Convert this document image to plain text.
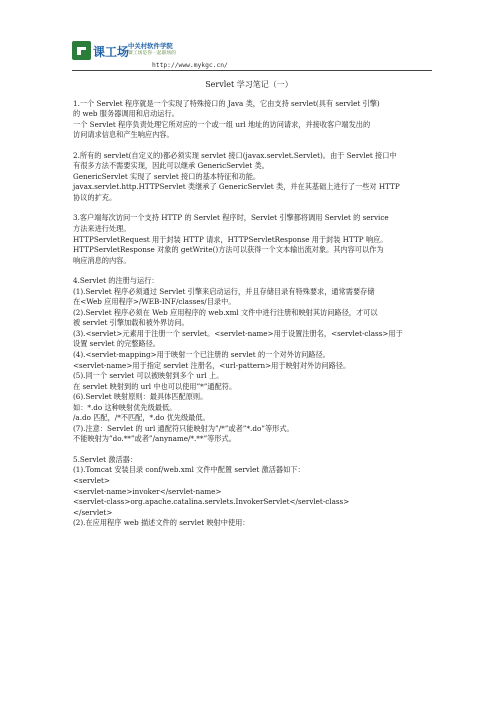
课工场
中关村软件学院
课工场是你一起职场的
http://www.mykgc.cn/
Servlet 学习笔记（一）
1.一个 Servlet 程序就是一个实现了特殊接口的 Java 类，它由支持 servlet(具有 servlet 引擎)
的 web 服务器调用和启动运行。
一个 Servlet 程序负责处理它所对应的一个或一组 url 地址的访问请求，并接收客户端发出的
访问请求信息和产生响应内容。
2.所有的 servlet(自定义的)都必须实现 servlet 接口(javax.servlet.Servlet)。由于 Servlet 接口中
有很多方法不需要实现，因此可以继承 GenericServlet 类。
GenericServlet 实现了 servlet 接口的基本特征和功能。
javax.servlet.http.HTTPServlet 类继承了 GenericServlet 类，并在其基础上进行了一些对 HTTP
协议的扩充。
3.客户端每次访问一个支持 HTTP 的 Servlet 程序时，Servlet 引擎都将调用 Servlet 的 service
方法来进行处理。
HTTPServletRequest 用于封装 HTTP 请求，HTTPServletResponse 用于封装 HTTP 响应。
HTTPServletResponse 对象的 getWrite()方法可以获得一个文本输出流对象。其内容可以作为
响应消息的内容。
4.Servlet 的注册与运行：
(1).Servlet 程序必须通过 Servlet 引擎来启动运行，并且存储目录有特殊要求，通常需要存储
在<Web 应用程序>/WEB-INF/classes/目录中。
(2).Servlet 程序必须在 Web 应用程序的 web.xml 文件中进行注册和映射其访问路径，才可以
被 servlet 引擎加载和被外界访问。
(3).<servlet>元素用于注册一个 servlet。<servlet-name>用于设置注册名，<servlet-class>用于
设置 servlet 的完整路径。
(4).<servlet-mapping>用于映射一个已注册的 servlet 的一个对外访问路径。
<servlet-name>用于指定 servlet 注册名，<url-pattern>用于映射对外访问路径。
(5).同一个 servlet 可以被映射到多个 url 上。
在 servlet 映射到的 url 中也可以使用”*”通配符。
(6).Servlet 映射原则：最具体匹配原则。
如：*.do 这种映射优先级最低。
/a.do 匹配，/*不匹配，*.do 优先级最低。
(7).注意：Servlet 的 url 通配符只能映射为”/*”或者”*.do”等形式。
不能映射为”do.**”或者”/anyname/*.**”等形式。
5.Servlet 激活器：
(1).Tomcat 安装目录 conf/web.xml 文件中配置 servlet 激活器如下：
<servlet>
<servlet-name>invoker</servlet-name>
<servlet-class>org.apache.catalina.servlets.InvokerServlet</servlet-class>
</servlet>
(2).在应用程序 web 描述文件的 servlet 映射中使用：
